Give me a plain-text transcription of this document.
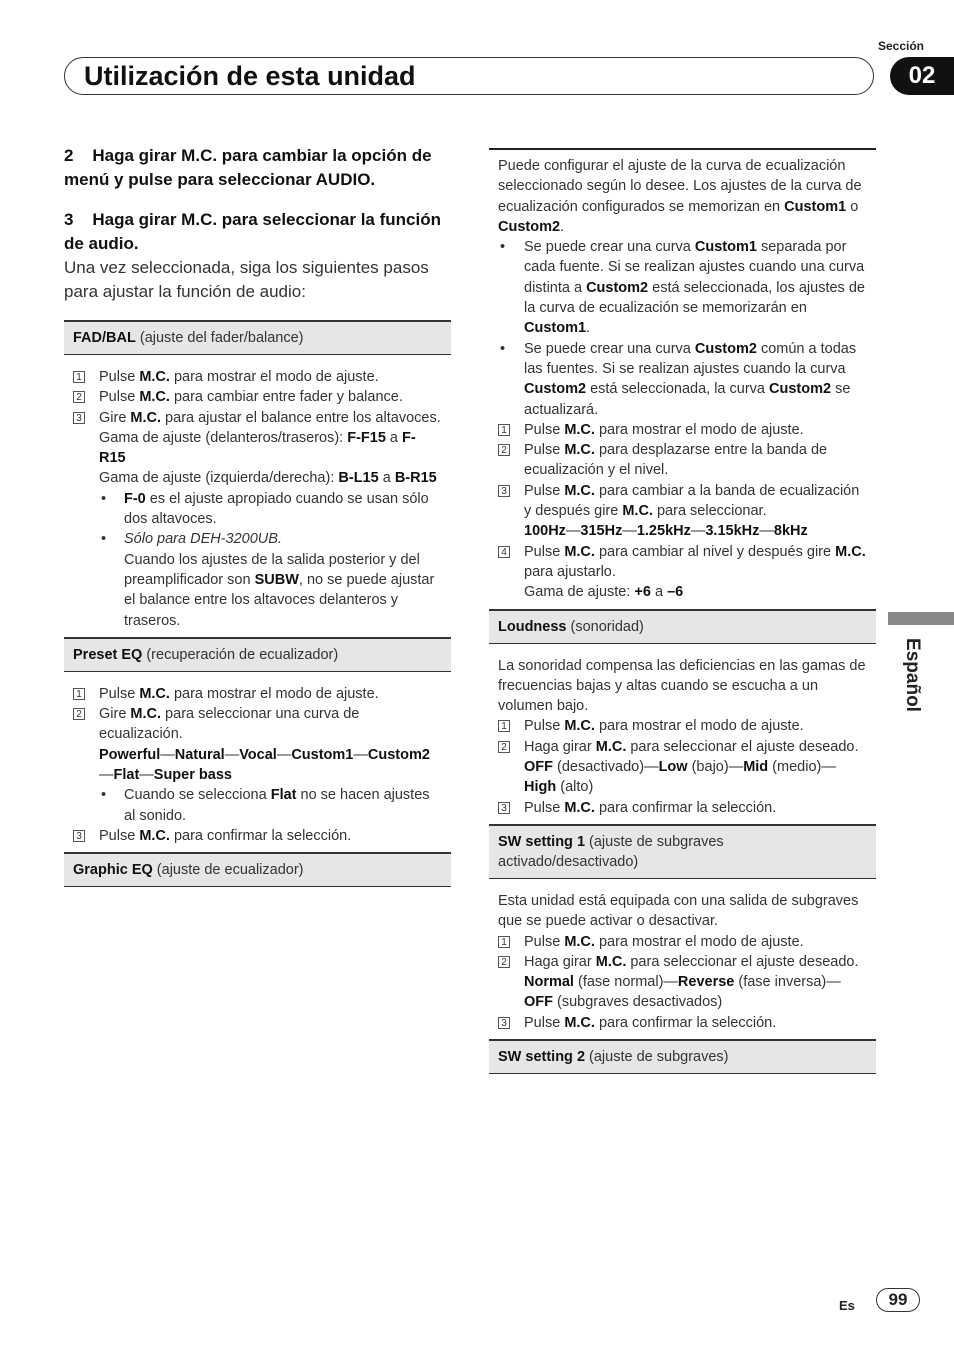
Sección
02
Utilización de esta unidad
Español
2 Haga girar M.C. para cambiar la opción de menú y pulse para seleccionar AUDIO.
3 Haga girar M.C. para seleccionar la función de audio.
Una vez seleccionada, siga los siguientes pasos para ajustar la función de audio:
FAD/BAL (ajuste del fader/balance)
1 Pulse M.C. para mostrar el modo de ajuste.
2 Pulse M.C. para cambiar entre fader y balance.
3 Gire M.C. para ajustar el balance entre los altavoces.
Gama de ajuste (delanteros/traseros): F-F15 a F-R15
Gama de ajuste (izquierda/derecha): B-L15 a B-R15
• F-0 es el ajuste apropiado cuando se usan sólo dos altavoces.
• Sólo para DEH-3200UB.
Cuando los ajustes de la salida posterior y del preamplificador son SUBW, no se puede ajustar el balance entre los altavoces delanteros y traseros.
Preset EQ (recuperación de ecualizador)
1 Pulse M.C. para mostrar el modo de ajuste.
2 Gire M.C. para seleccionar una curva de ecualización.
Powerful—Natural—Vocal—Custom1—Custom2—Flat—Super bass
• Cuando se selecciona Flat no se hacen ajustes al sonido.
3 Pulse M.C. para confirmar la selección.
Graphic EQ (ajuste de ecualizador)
Puede configurar el ajuste de la curva de ecualización seleccionado según lo desee. Los ajustes de la curva de ecualización configurados se memorizan en Custom1 o Custom2.
• Se puede crear una curva Custom1 separada por cada fuente. Si se realizan ajustes cuando una curva distinta a Custom2 está seleccionada, los ajustes de la curva de ecualización se memorizarán en Custom1.
• Se puede crear una curva Custom2 común a todas las fuentes. Si se realizan ajustes cuando la curva Custom2 está seleccionada, la curva Custom2 se actualizará.
1 Pulse M.C. para mostrar el modo de ajuste.
2 Pulse M.C. para desplazarse entre la banda de ecualización y el nivel.
3 Pulse M.C. para cambiar a la banda de ecualización y después gire M.C. para seleccionar.
100Hz—315Hz—1.25kHz—3.15kHz—8kHz
4 Pulse M.C. para cambiar al nivel y después gire M.C. para ajustarlo.
Gama de ajuste: +6 a –6
Loudness (sonoridad)
La sonoridad compensa las deficiencias en las gamas de frecuencias bajas y altas cuando se escucha a un volumen bajo.
1 Pulse M.C. para mostrar el modo de ajuste.
2 Haga girar M.C. para seleccionar el ajuste deseado.
OFF (desactivado)—Low (bajo)—Mid (medio)—High (alto)
3 Pulse M.C. para confirmar la selección.
SW setting 1 (ajuste de subgraves activado/desactivado)
Esta unidad está equipada con una salida de subgraves que se puede activar o desactivar.
1 Pulse M.C. para mostrar el modo de ajuste.
2 Haga girar M.C. para seleccionar el ajuste deseado.
Normal (fase normal)—Reverse (fase inversa)—OFF (subgraves desactivados)
3 Pulse M.C. para confirmar la selección.
SW setting 2 (ajuste de subgraves)
Es	99
